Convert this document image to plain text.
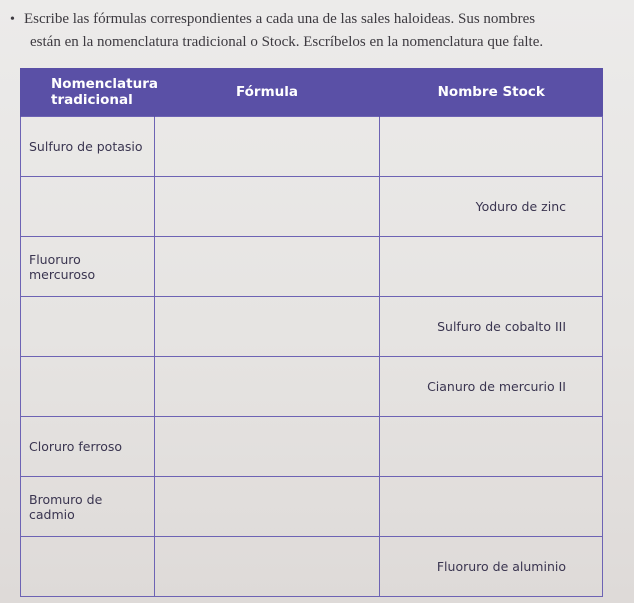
• Escribe las fórmulas correspondientes a cada una de las sales haloideas. Sus nombres
están en la nomenclatura tradicional o Stock. Escríbelos en la nomenclatura que falte.
Nomenclatura
tradicional	Fórmula	Nombre Stock
Sulfuro de potasio		
		Yoduro de zinc
Fluoruro mercuroso		
		Sulfuro de cobalto III
		Cianuro de mercurio II
Cloruro ferroso		
Bromuro de cadmio		
		Fluoruro de aluminio
